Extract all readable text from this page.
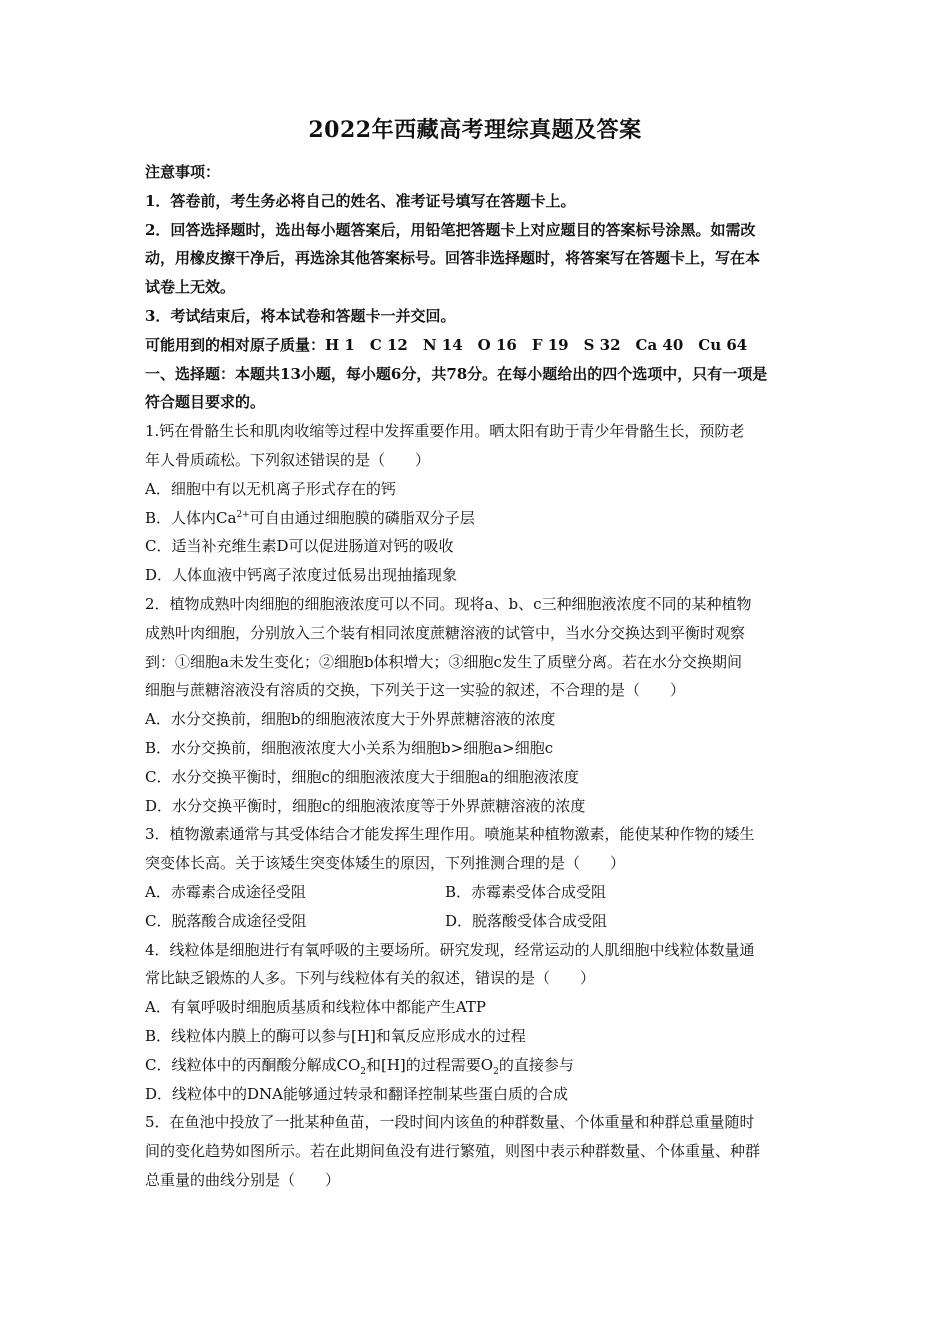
2022年西藏高考理综真题及答案
注意事项：
1．答卷前，考生务必将自己的姓名、准考证号填写在答题卡上。
2．回答选择题时，选出每小题答案后，用铅笔把答题卡上对应题目的答案标号涂黑。如需改
动，用橡皮擦干净后，再选涂其他答案标号。回答非选择题时，将答案写在答题卡上，写在本
试卷上无效。
3．考试结束后，将本试卷和答题卡一并交回。
可能用到的相对原子质量：H 1　C 12　N 14　O 16　F 19　S 32　Ca 40　Cu 64
一、选择题：本题共13小题，每小题6分，共78分。在每小题给出的四个选项中，只有一项是
符合题目要求的。
1.钙在骨骼生长和肌肉收缩等过程中发挥重要作用。晒太阳有助于青少年骨骼生长，预防老
年人骨质疏松。下列叙述错误的是（　　）
A．细胞中有以无机离子形式存在的钙
B．人体内$Ca^{2+}$可自由通过细胞膜的磷脂双分子层
C．适当补充维生素D可以促进肠道对钙的吸收
D．人体血液中钙离子浓度过低易出现抽搐现象
2．植物成熟叶肉细胞的细胞液浓度可以不同。现将a、b、c三种细胞液浓度不同的某种植物
成熟叶肉细胞，分别放入三个装有相同浓度蔗糖溶液的试管中，当水分交换达到平衡时观察
到：①细胞a未发生变化；②细胞b体积增大；③细胞c发生了质壁分离。若在水分交换期间
细胞与蔗糖溶液没有溶质的交换，下列关于这一实验的叙述，不合理的是（　　）
A．水分交换前，细胞b的细胞液浓度大于外界蔗糖溶液的浓度
B．水分交换前，细胞液浓度大小关系为细胞b>细胞a>细胞c
C．水分交换平衡时，细胞c的细胞液浓度大于细胞a的细胞液浓度
D．水分交换平衡时，细胞c的细胞液浓度等于外界蔗糖溶液的浓度
3．植物激素通常与其受体结合才能发挥生理作用。喷施某种植物激素，能使某种作物的矮生
突变体长高。关于该矮生突变体矮生的原因，下列推测合理的是（　　）
A．赤霉素合成途径受阻	B．赤霉素受体合成受阻
C．脱落酸合成途径受阻	D．脱落酸受体合成受阻
4．线粒体是细胞进行有氧呼吸的主要场所。研究发现，经常运动的人肌细胞中线粒体数量通
常比缺乏锻炼的人多。下列与线粒体有关的叙述，错误的是（　　）
A．有氧呼吸时细胞质基质和线粒体中都能产生ATP
B．线粒体内膜上的酶可以参与[H]和氧反应形成水的过程
C．线粒体中的丙酮酸分解成$CO_2$和[H]的过程需要$O_2$的直接参与
D．线粒体中的DNA能够通过转录和翻译控制某些蛋白质的合成
5．在鱼池中投放了一批某种鱼苗，一段时间内该鱼的种群数量、个体重量和种群总重量随时
间的变化趋势如图所示。若在此期间鱼没有进行繁殖，则图中表示种群数量、个体重量、种群
总重量的曲线分别是（　　）
